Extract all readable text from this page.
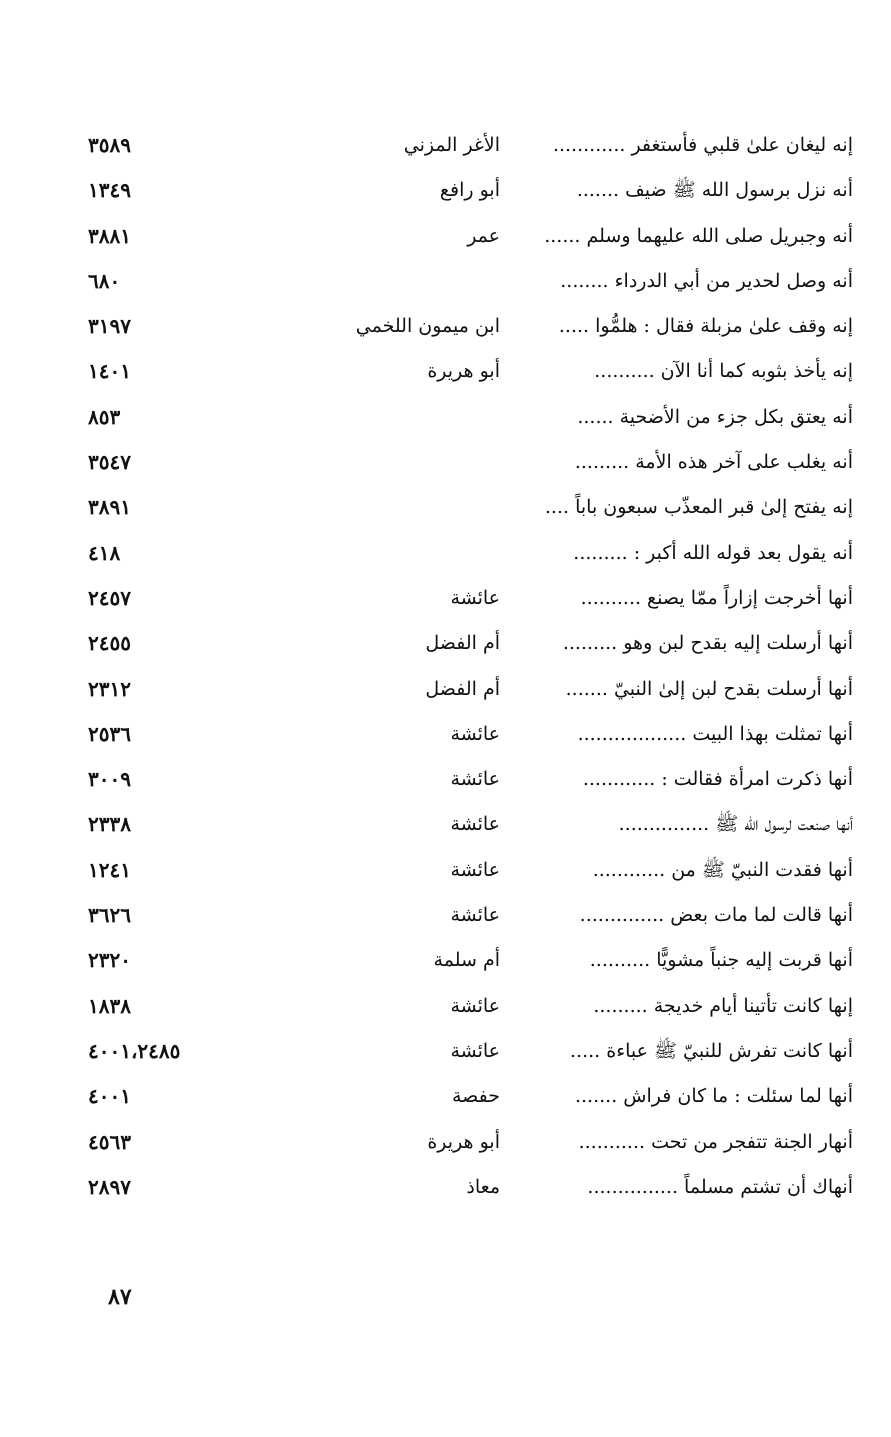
إنه ليغان علىٰ قلبي فأستغفر ............
الأغر المزني
٣٥٨٩
أنه نزل برسول الله ﷺ ضيف .......
أبو رافع
١٣٤٩
أنه وجبريل صلى الله عليهما وسلم ......
عمر
٣٨٨١
أنه وصل لحدير من أبي الدرداء ........
٦٨٠
إنه وقف علىٰ مزبلة فقال : هلمُّوا .....
ابن ميمون اللخمي
٣١٩٧
إنه يأخذ بثوبه كما أنا الآن ..........
أبو هريرة
١٤٠١
أنه يعتق بكل جزء من الأضحية ......
٨٥٣
أنه يغلب على آخر هذه الأمة .........
٣٥٤٧
إنه يفتح إلىٰ قبر المعذّب سبعون باباً ....
٣٨٩١
أنه يقول بعد قوله الله أكبر : .........
٤١٨
أنها أخرجت إزاراً ممّا يصنع ..........
عائشة
٢٤٥٧
أنها أرسلت إليه بقدح لبن وهو .........
أم الفضل
٢٤٥٥
أنها أرسلت بقدح لبن إلىٰ النبيّ .......
أم الفضل
٢٣١٢
أنها تمثلت بهذا البيت ..................
عائشة
٢٥٣٦
أنها ذكرت امرأة فقالت : ............
عائشة
٣٠٠٩
أنها صنعت لرسول الله ﷺ ...............
عائشة
٢٣٣٨
أنها فقدت النبيّ ﷺ من ............
عائشة
١٢٤١
أنها قالت لما مات بعض ..............
عائشة
٣٦٢٦
أنها قربت إليه جنباً مشويًّا ..........
أم سلمة
٢٣٢٠
إنها كانت تأتينا أيام خديجة .........
عائشة
١٨٣٨
أنها كانت تفرش للنبيّ ﷺ عباءة .....
عائشة
٤٠٠١،٢٤٨٥
أنها لما سئلت : ما كان فراش .......
حفصة
٤٠٠١
أنهار الجنة تتفجر من تحت ...........
أبو هريرة
٤٥٦٣
أنهاك أن تشتم مسلماً ...............
معاذ
٢٨٩٧
٨٧
